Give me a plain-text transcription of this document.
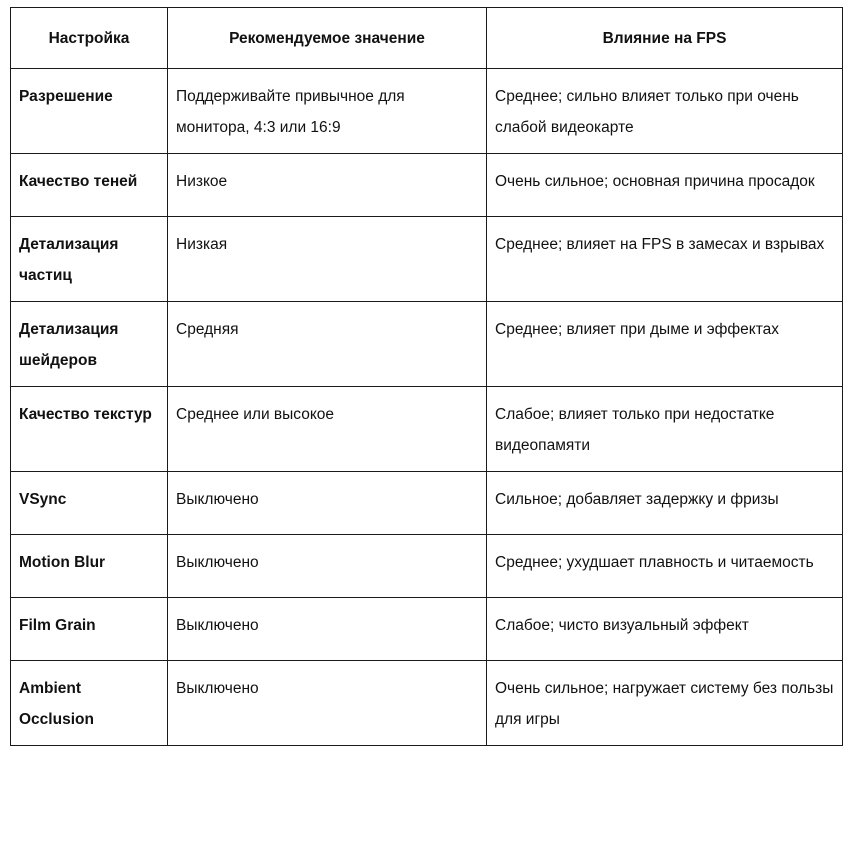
Настройка	Рекомендуемое значение	Влияние на FPS
Разрешение	Поддерживайте привычное для монитора, 4:3 или 16:9	Среднее; сильно влияет только при очень слабой видеокарте
Качество теней	Низкое	Очень сильное; основная причина просадок
Детализация частиц	Низкая	Среднее; влияет на FPS в замесах и взрывах
Детализация шейдеров	Средняя	Среднее; влияет при дыме и эффектах
Качество текстур	Среднее или высокое	Слабое; влияет только при недостатке видеопамяти
VSync	Выключено	Сильное; добавляет задержку и фризы
Motion Blur	Выключено	Среднее; ухудшает плавность и читаемость
Film Grain	Выключено	Слабое; чисто визуальный эффект
Ambient Occlusion	Выключено	Очень сильное; нагружает систему без пользы для игры
